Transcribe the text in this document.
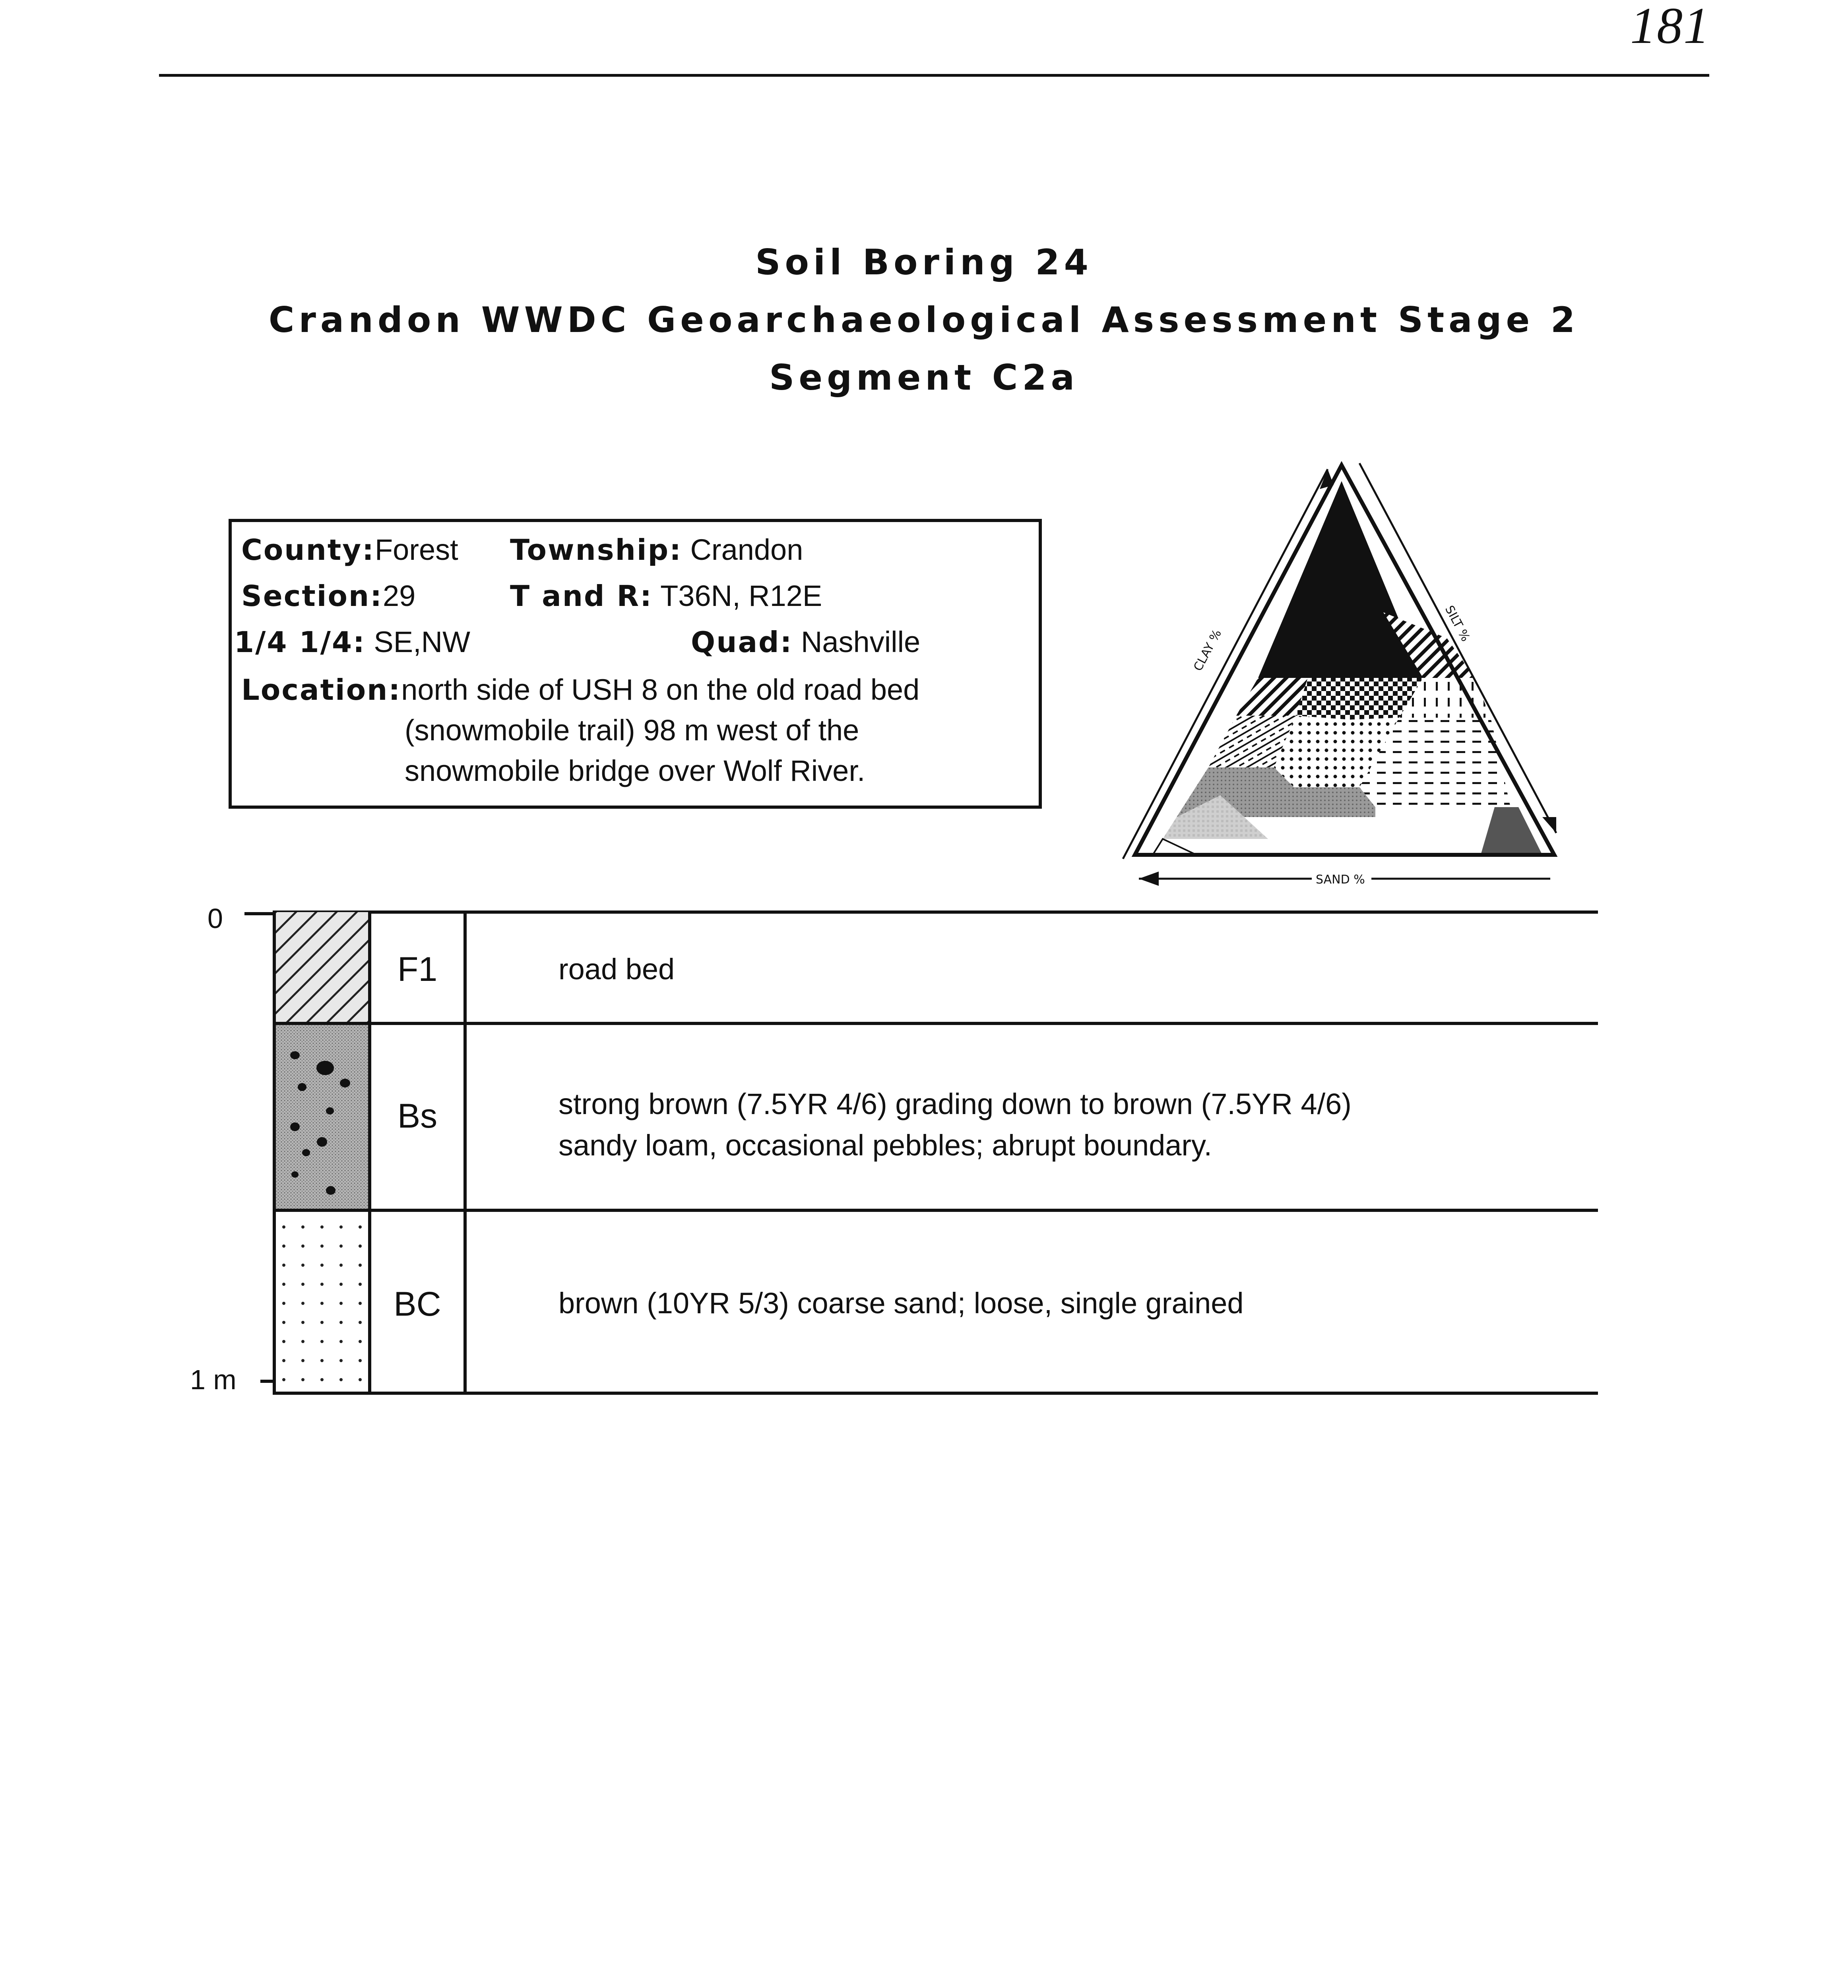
181
Soil Boring 24
Crandon WWDC Geoarchaeological Assessment Stage 2
Segment C2a
County:Forest Township: Crandon
Section:29	T and R: T36N, R12E
1/4 1/4: SE,NW	Quad: Nashville
Location:north side of USH 8 on the old road bed
(snowmobile trail) 98 m west of the
snowmobile bridge over Wolf River.
CLAY %
SILT %
SAND %
0
1 m
F1
Bs
BC
road bed
strong brown (7.5YR 4/6) grading down to brown (7.5YR 4/6)
sandy loam, occasional pebbles; abrupt boundary.
brown (10YR 5/3) coarse sand; loose, single grained
